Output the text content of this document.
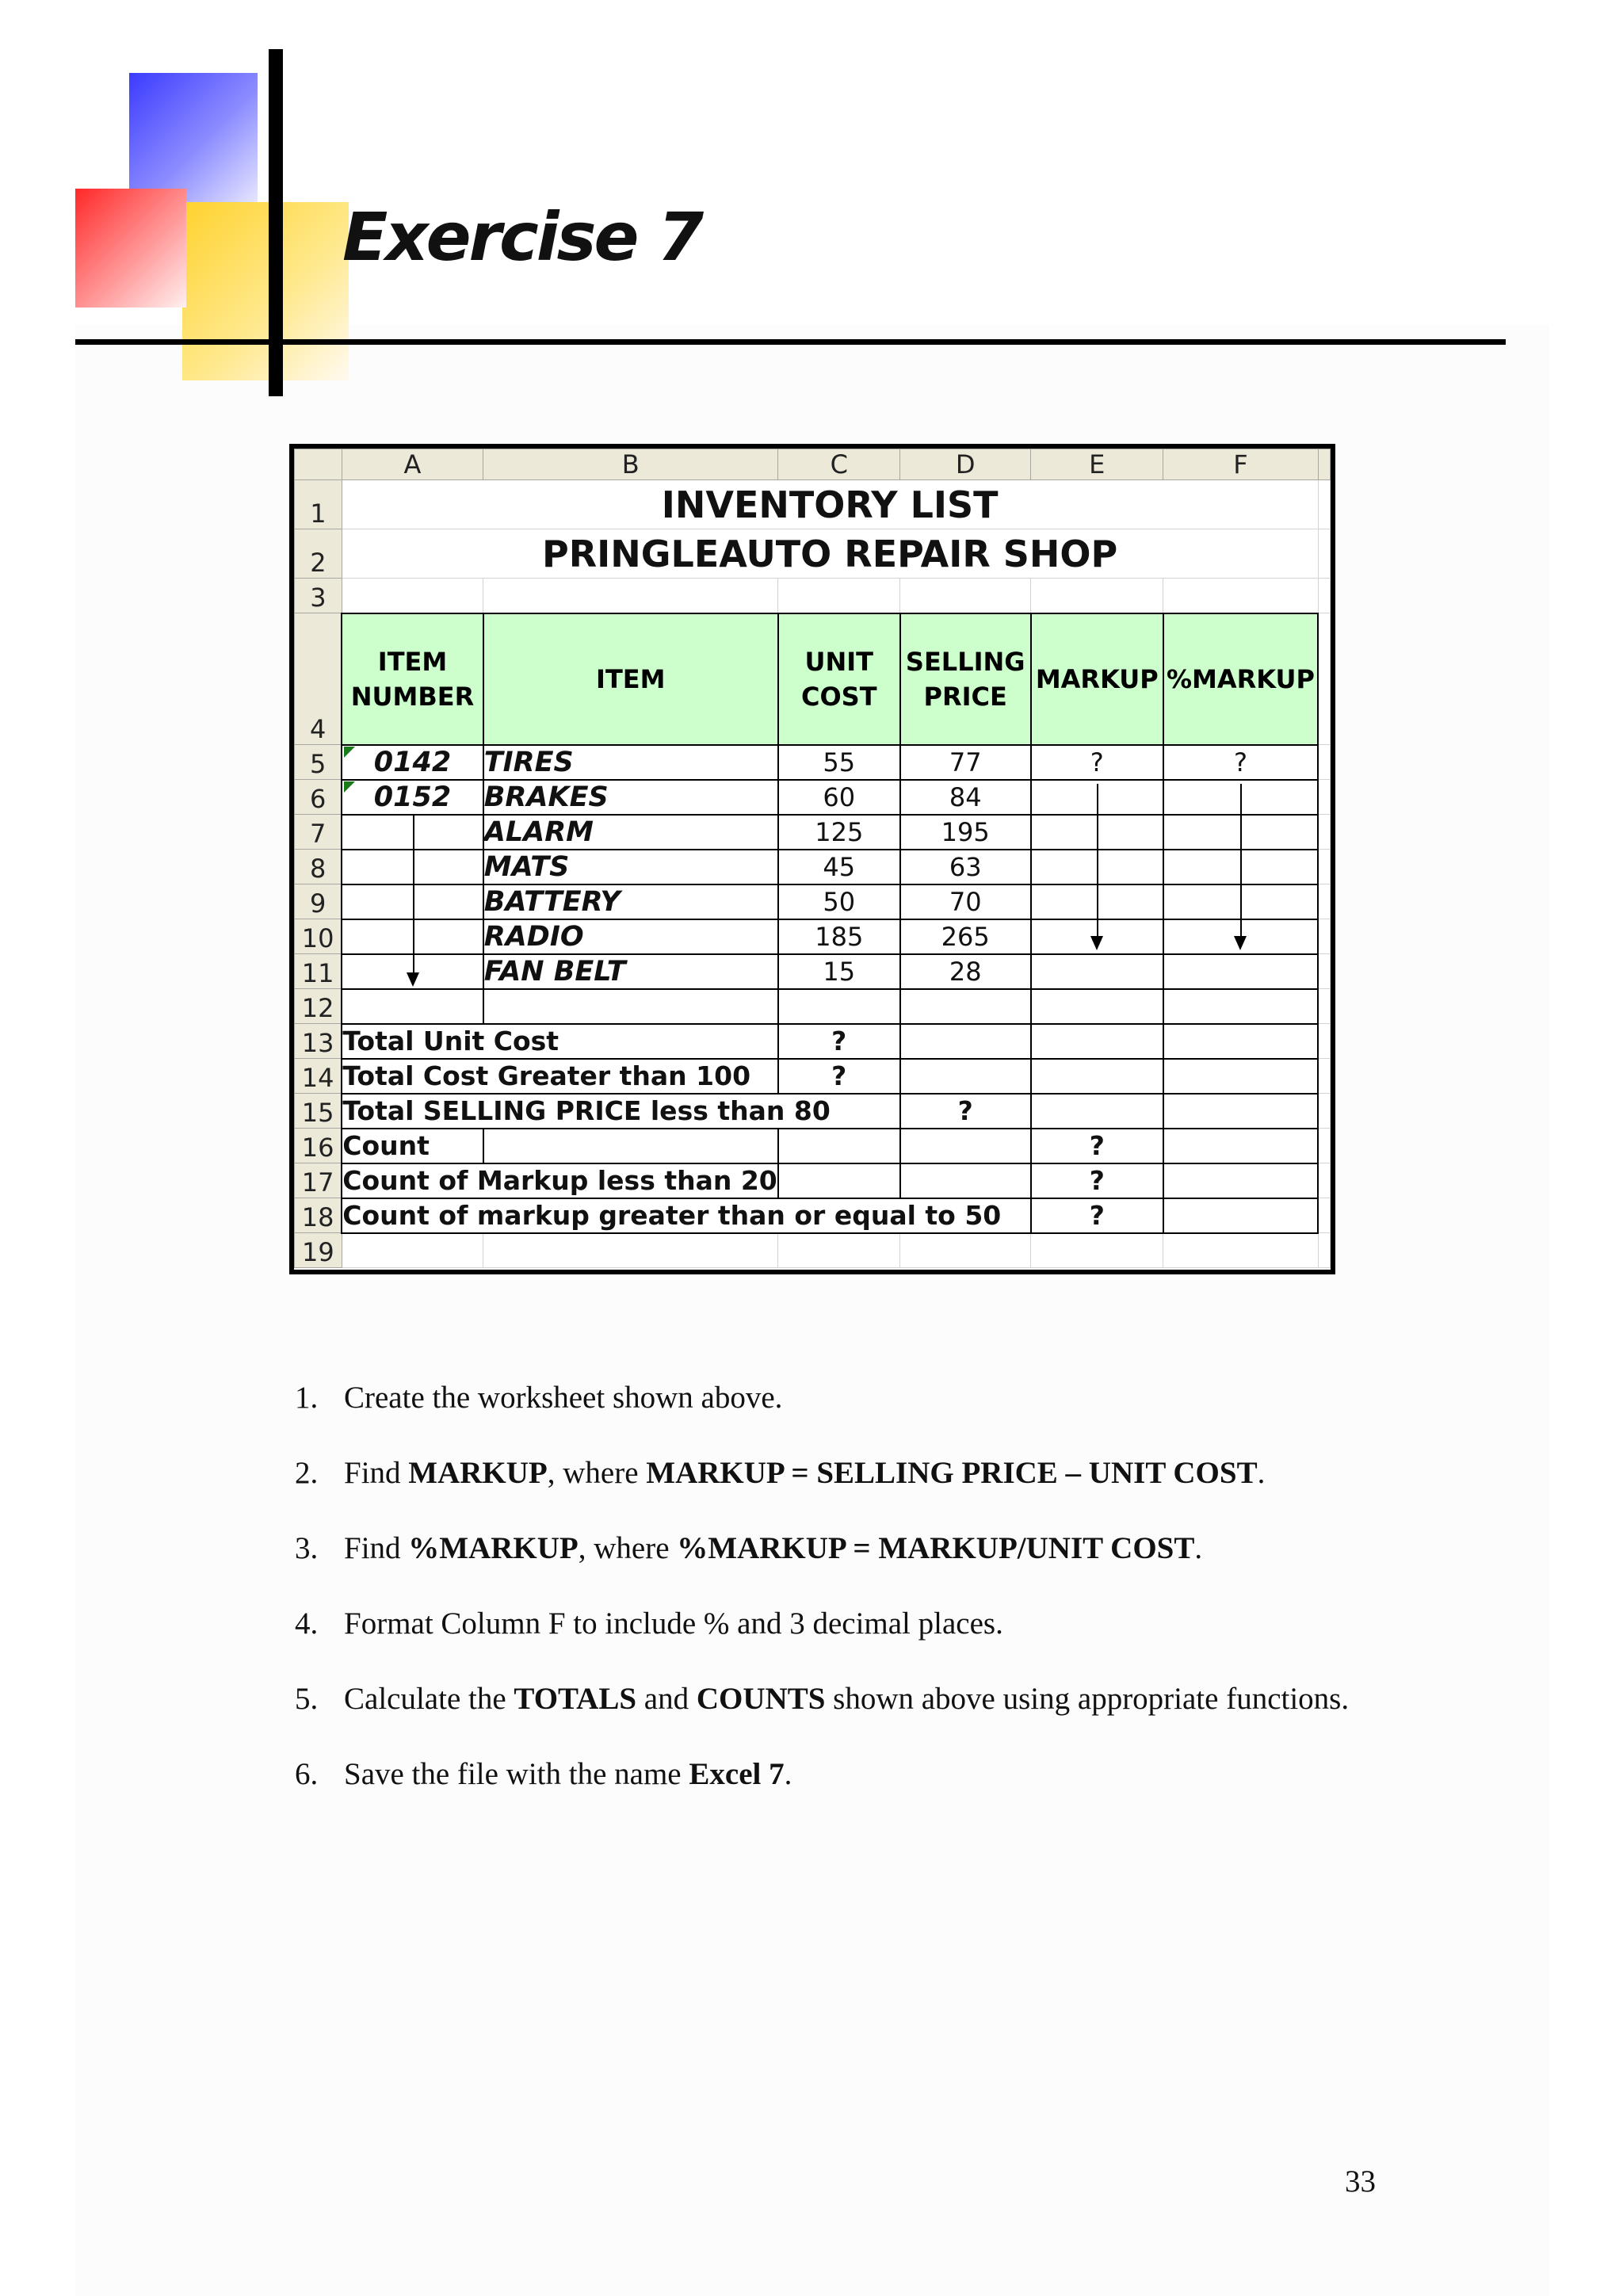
Exercise 7
	A	B	C	D	E	F	
1	INVENTORY LIST						
2	PRINGLEAUTO REPAIR SHOP						
3							
4	ITEM NUMBER	ITEM	UNIT COST	SELLING PRICE	MARKUP	%MARKUP	
5	0142	TIRES	55	77	?	?	
6	0152	BRAKES	60	84	

7		ALARM	125	195	

8		MATS	45	63	

9		BATTERY	50	70	

10		RADIO	185	265	

11		FAN BELT	15	28			
12							
13	Total Unit Cost		?				
14	Total Cost Greater than 100		?				
15	Total SELLING PRICE less than 80			?			
16	Count				?		
17	Count of Markup less than 20				?		
18	Count of markup greater than or equal to 50				?		
19							
1. Create the worksheet shown above.
2. Find MARKUP, where MARKUP = SELLING PRICE – UNIT COST.
3. Find %MARKUP, where %MARKUP = MARKUP/UNIT COST.
4. Format Column F to include % and 3 decimal places.
5. Calculate the TOTALS and COUNTS shown above using appropriate functions.
6. Save the file with the name Excel 7.

33
